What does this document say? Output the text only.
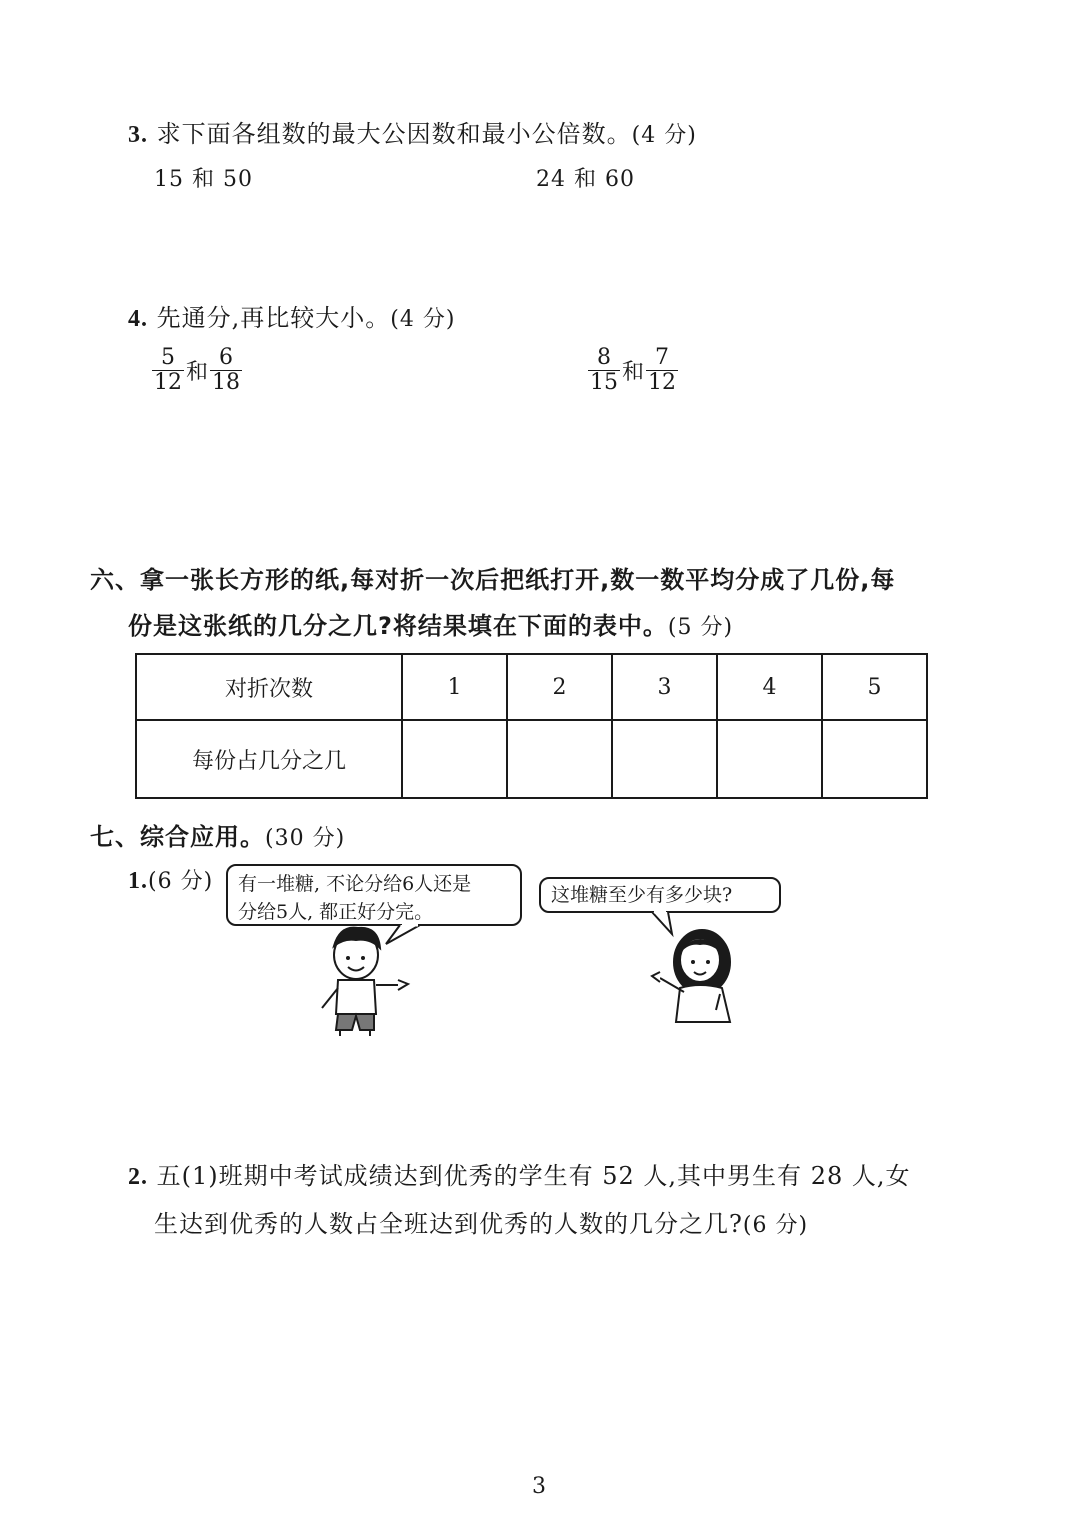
3. 求下面各组数的最大公因数和最小公倍数。(4 分)
15 和 50	24 和 60
4. 先通分,再比较大小。(4 分)
$\frac{5}{12}$ 和 $\frac{6}{18}$	$\frac{8}{15}$ 和 $\frac{7}{12}$
六、拿一张长方形的纸,每对折一次后把纸打开,数一数平均分成了几份,每
份是这张纸的几分之几?将结果填在下面的表中。(5 分)
对折次数	1	2	3	4	5
每份占几分之几					
七、综合应用。(30 分)
1.(6 分) 有一堆糖, 不论分给6人还是
分给5人, 都正好分完。
这堆糖至少有多少块?
2. 五(1)班期中考试成绩达到优秀的学生有 52 人,其中男生有 28 人,女
生达到优秀的人数占全班达到优秀的人数的几分之几?(6 分)
3
